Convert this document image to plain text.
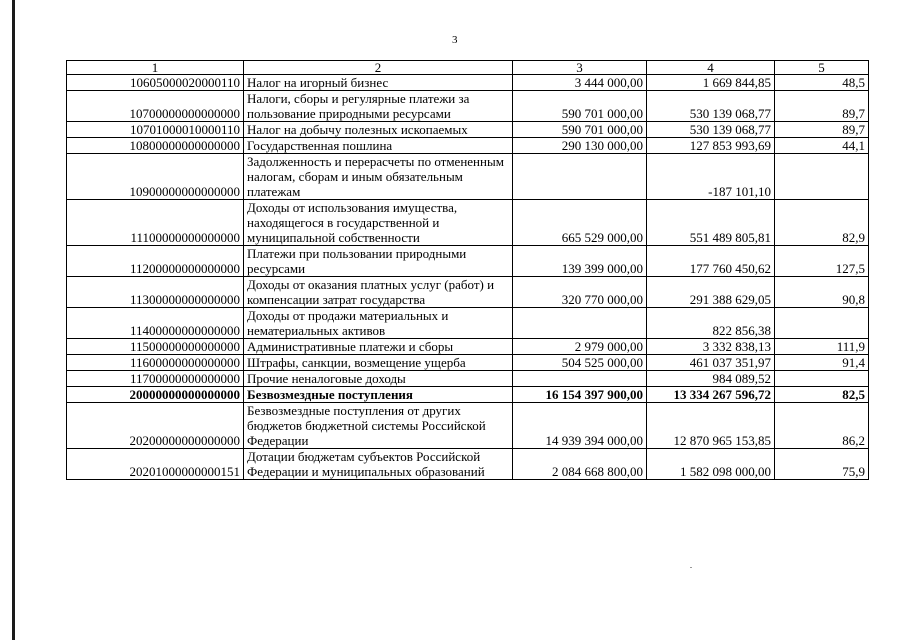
3
1	2	3	4	5
10605000020000110	Налог на игорный бизнес	3 444 000,00	1 669 844,85	48,5
10700000000000000	Налоги, сборы и регулярные платежи за пользование природными ресурсами	590 701 000,00	530 139 068,77	89,7
10701000010000110	Налог на добычу полезных ископаемых	590 701 000,00	530 139 068,77	89,7
10800000000000000	Государственная пошлина	290 130 000,00	127 853 993,69	44,1
10900000000000000	Задолженность и перерасчеты по отмененным налогам, сборам и иным обязательным платежам		-187 101,10	
11100000000000000	Доходы от использования имущества, находящегося в государственной и муниципальной собственности	665 529 000,00	551 489 805,81	82,9
11200000000000000	Платежи при пользовании природными ресурсами	139 399 000,00	177 760 450,62	127,5
11300000000000000	Доходы от оказания платных услуг (работ) и компенсации затрат государства	320 770 000,00	291 388 629,05	90,8
11400000000000000	Доходы от продажи материальных и нематериальных активов		822 856,38	
11500000000000000	Административные платежи и сборы	2 979 000,00	3 332 838,13	111,9
11600000000000000	Штрафы, санкции, возмещение ущерба	504 525 000,00	461 037 351,97	91,4
11700000000000000	Прочие неналоговые доходы		984 089,52	
20000000000000000	Безвозмездные поступления	16 154 397 900,00	13 334 267 596,72	82,5
20200000000000000	Безвозмездные поступления от других бюджетов бюджетной системы Российской Федерации	14 939 394 000,00	12 870 965 153,85	86,2
20201000000000151	Дотации бюджетам субъектов Российской Федерации и муниципальных образований	2 084 668 800,00	1 582 098 000,00	75,9
